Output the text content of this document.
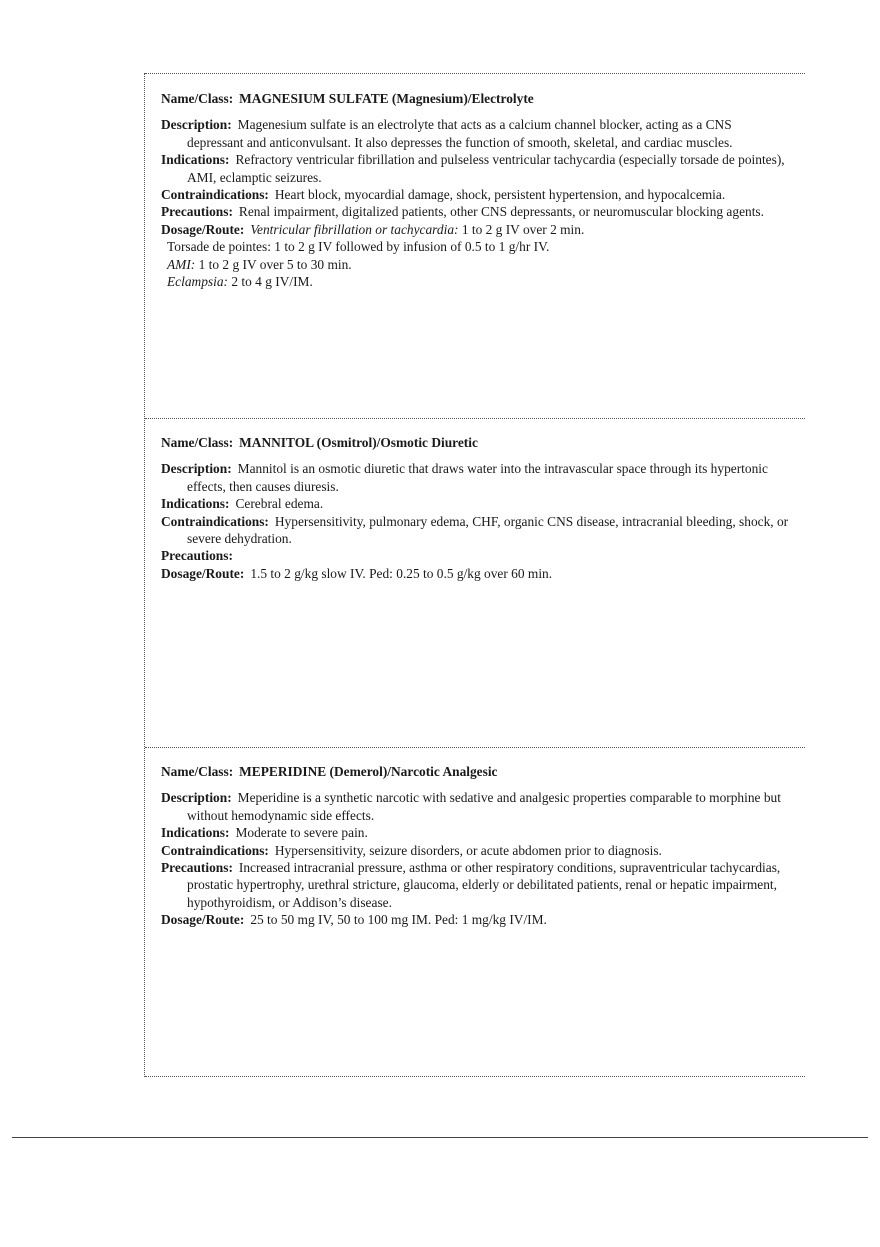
Name/Class: MAGNESIUM SULFATE (Magnesium)/Electrolyte

Description: Magenesium sulfate is an electrolyte that acts as a calcium channel blocker, acting as a CNS depressant and anticonvulsant. It also depresses the function of smooth, skeletal, and cardiac muscles.

Indications: Refractory ventricular fibrillation and pulseless ventricular tachycardia (especially torsade de pointes), AMI, eclamptic seizures.

Contraindications: Heart block, myocardial damage, shock, persistent hypertension, and hypocalcemia.

Precautions: Renal impairment, digitalized patients, other CNS depressants, or neuromuscular blocking agents.

Dosage/Route: Ventricular fibrillation or tachycardia: 1 to 2 g IV over 2 min.

Torsade de pointes: 1 to 2 g IV followed by infusion of 0.5 to 1 g/hr IV.

AMI: 1 to 2 g IV over 5 to 30 min.

Eclampsia: 2 to 4 g IV/IM.

Name/Class: MANNITOL (Osmitrol)/Osmotic Diuretic

Description: Mannitol is an osmotic diuretic that draws water into the intravascular space through its hypertonic effects, then causes diuresis.

Indications: Cerebral edema.

Contraindications: Hypersensitivity, pulmonary edema, CHF, organic CNS disease, intracranial bleeding, shock, or severe dehydration.

Precautions:

Dosage/Route: 1.5 to 2 g/kg slow IV. Ped: 0.25 to 0.5 g/kg over 60 min.

Name/Class: MEPERIDINE (Demerol)/Narcotic Analgesic

Description: Meperidine is a synthetic narcotic with sedative and analgesic properties comparable to morphine but without hemodynamic side effects.

Indications: Moderate to severe pain.

Contraindications: Hypersensitivity, seizure disorders, or acute abdomen prior to diagnosis.

Precautions: Increased intracranial pressure, asthma or other respiratory conditions, supraventricular tachycardias, prostatic hypertrophy, urethral stricture, glaucoma, elderly or debilitated patients, renal or hepatic impairment, hypothyroidism, or Addison’s disease.

Dosage/Route: 25 to 50 mg IV, 50 to 100 mg IM. Ped: 1 mg/kg IV/IM.
